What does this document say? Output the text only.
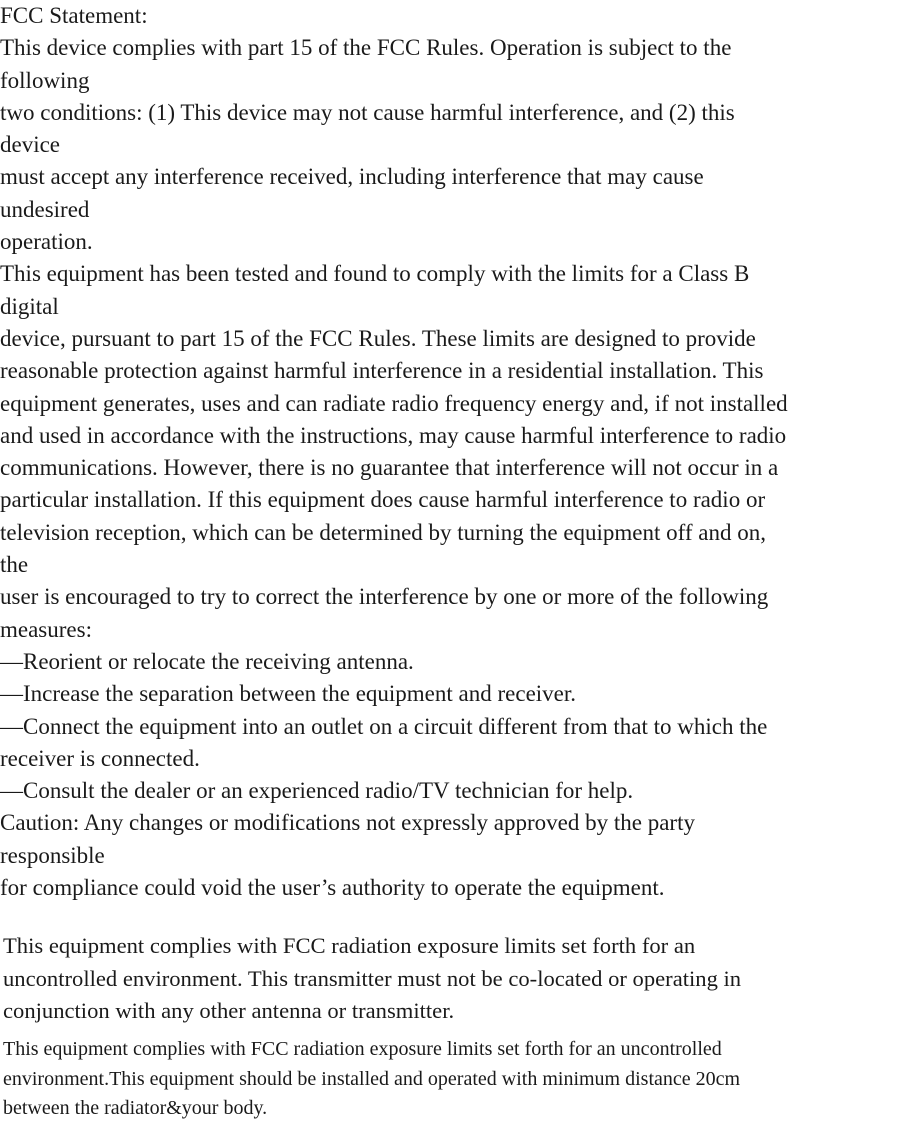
FCC Statement:

This device complies with part 15 of the FCC Rules. Operation is subject to the

following

two conditions: (1) This device may not cause harmful interference, and (2) this

device

must accept any interference received, including interference that may cause

undesired

operation.

This equipment has been tested and found to comply with the limits for a Class B

digital

device, pursuant to part 15 of the FCC Rules. These limits are designed to provide

reasonable protection against harmful interference in a residential installation. This

equipment generates, uses and can radiate radio frequency energy and, if not installed

and used in accordance with the instructions, may cause harmful interference to radio

communications. However, there is no guarantee that interference will not occur in a

particular installation. If this equipment does cause harmful interference to radio or

television reception, which can be determined by turning the equipment off and on,

the

user is encouraged to try to correct the interference by one or more of the following

measures:

—Reorient or relocate the receiving antenna.

—Increase the separation between the equipment and receiver.

—Connect the equipment into an outlet on a circuit different from that to which the

receiver is connected.

—Consult the dealer or an experienced radio/TV technician for help.

Caution: Any changes or modifications not expressly approved by the party

responsible

for compliance could void the user’s authority to operate the equipment.

This equipment complies with FCC radiation exposure limits set forth for an

uncontrolled environment. This transmitter must not be co-located or operating in

conjunction with any other antenna or transmitter.

This equipment complies with FCC radiation exposure limits set forth for an uncontrolled

environment.This equipment should be installed and operated with minimum distance 20cm

between the radiator&your body.
